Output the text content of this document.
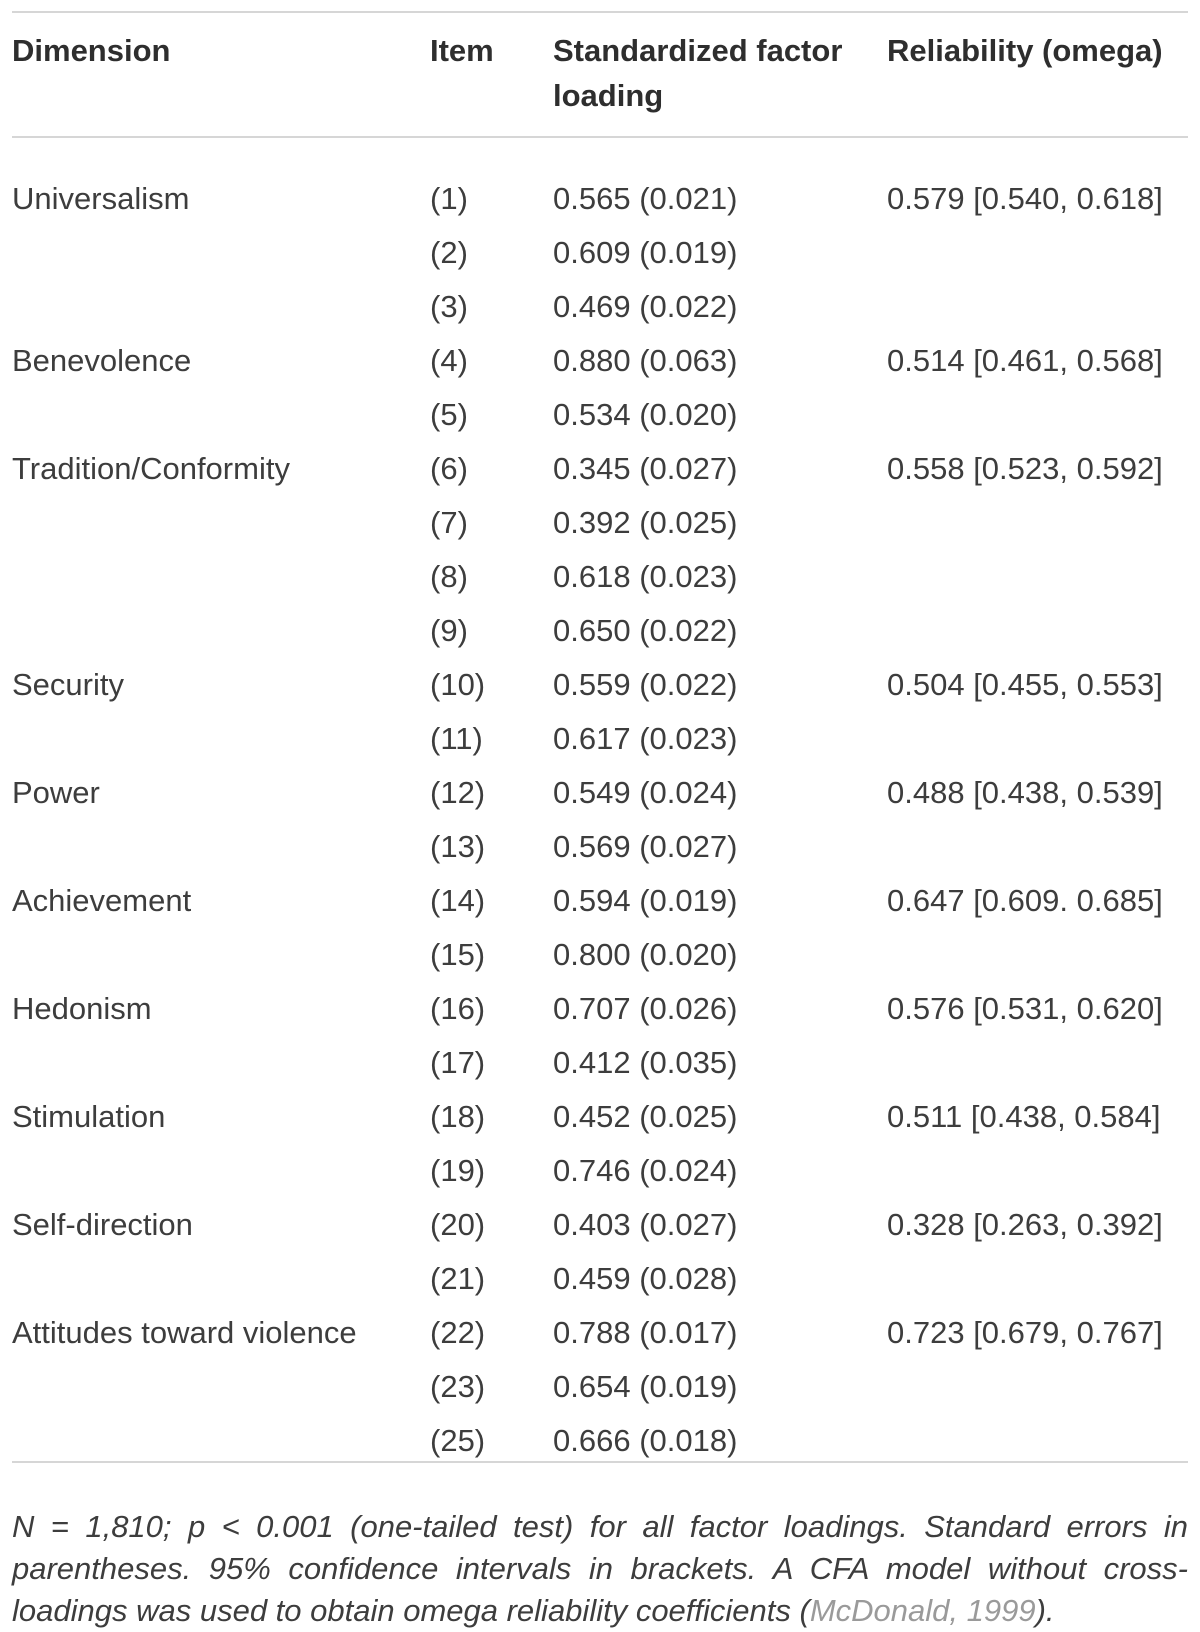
Dimension	Item	Standardized factor loading	Reliability (omega)

Universalism	(1)	0.565 (0.021)	0.579 [0.540, 0.618]
	(2)	0.609 (0.019)	
	(3)	0.469 (0.022)	
Benevolence	(4)	0.880 (0.063)	0.514 [0.461, 0.568]
	(5)	0.534 (0.020)	
Tradition/Conformity	(6)	0.345 (0.027)	0.558 [0.523, 0.592]
	(7)	0.392 (0.025)	
	(8)	0.618 (0.023)	
	(9)	0.650 (0.022)	
Security	(10)	0.559 (0.022)	0.504 [0.455, 0.553]
	(11)	0.617 (0.023)	
Power	(12)	0.549 (0.024)	0.488 [0.438, 0.539]
	(13)	0.569 (0.027)	
Achievement	(14)	0.594 (0.019)	0.647 [0.609. 0.685]
	(15)	0.800 (0.020)	
Hedonism	(16)	0.707 (0.026)	0.576 [0.531, 0.620]
	(17)	0.412 (0.035)	
Stimulation	(18)	0.452 (0.025)	0.511 [0.438, 0.584]
	(19)	0.746 (0.024)	
Self-direction	(20)	0.403 (0.027)	0.328 [0.263, 0.392]
	(21)	0.459 (0.028)	
Attitudes toward violence	(22)	0.788 (0.017)	0.723 [0.679, 0.767]
	(23)	0.654 (0.019)	
	(25)	0.666 (0.018)	

N = 1,810; p < 0.001 (one-tailed test) for all factor loadings. Standard errors in parentheses. 95% confidence intervals in brackets. A CFA model without cross-loadings was used to obtain omega reliability coefficients (McDonald, 1999).
